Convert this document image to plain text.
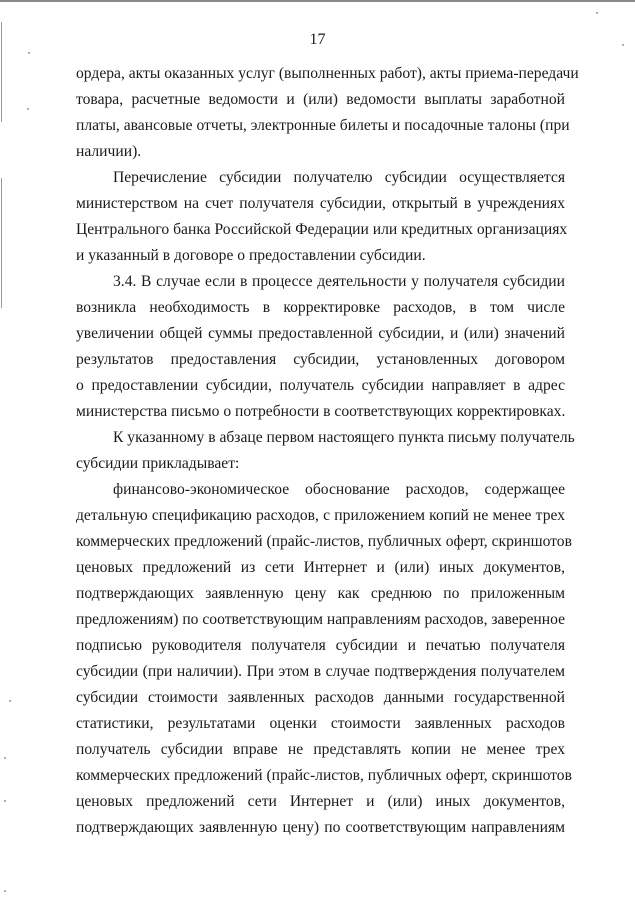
17
ордера, акты оказанных услуг (выполненных работ), акты приема-передачи
товара, расчетные ведомости и (или) ведомости выплаты заработной
платы, авансовые отчеты, электронные билеты и посадочные талоны (при
наличии).
Перечисление субсидии получателю субсидии осуществляется
министерством на счет получателя субсидии, открытый в учреждениях
Центрального банка Российской Федерации или кредитных организациях
и указанный в договоре о предоставлении субсидии.
3.4. В случае если в процессе деятельности у получателя субсидии
возникла необходимость в корректировке расходов, в том числе
увеличении общей суммы предоставленной субсидии, и (или) значений
результатов предоставления субсидии, установленных договором
о предоставлении субсидии, получатель субсидии направляет в адрес
министерства письмо о потребности в соответствующих корректировках.
К указанному в абзаце первом настоящего пункта письму получатель
субсидии прикладывает:
финансово-экономическое обоснование расходов, содержащее
детальную спецификацию расходов, с приложением копий не менее трех
коммерческих предложений (прайс-листов, публичных оферт, скриншотов
ценовых предложений из сети Интернет и (или) иных документов,
подтверждающих заявленную цену как среднюю по приложенным
предложениям) по соответствующим направлениям расходов, заверенное
подписью руководителя получателя субсидии и печатью получателя
субсидии (при наличии). При этом в случае подтверждения получателем
субсидии стоимости заявленных расходов данными государственной
статистики, результатами оценки стоимости заявленных расходов
получатель субсидии вправе не представлять копии не менее трех
коммерческих предложений (прайс-листов, публичных оферт, скриншотов
ценовых предложений сети Интернет и (или) иных документов,
подтверждающих заявленную цену) по соответствующим направлениям
